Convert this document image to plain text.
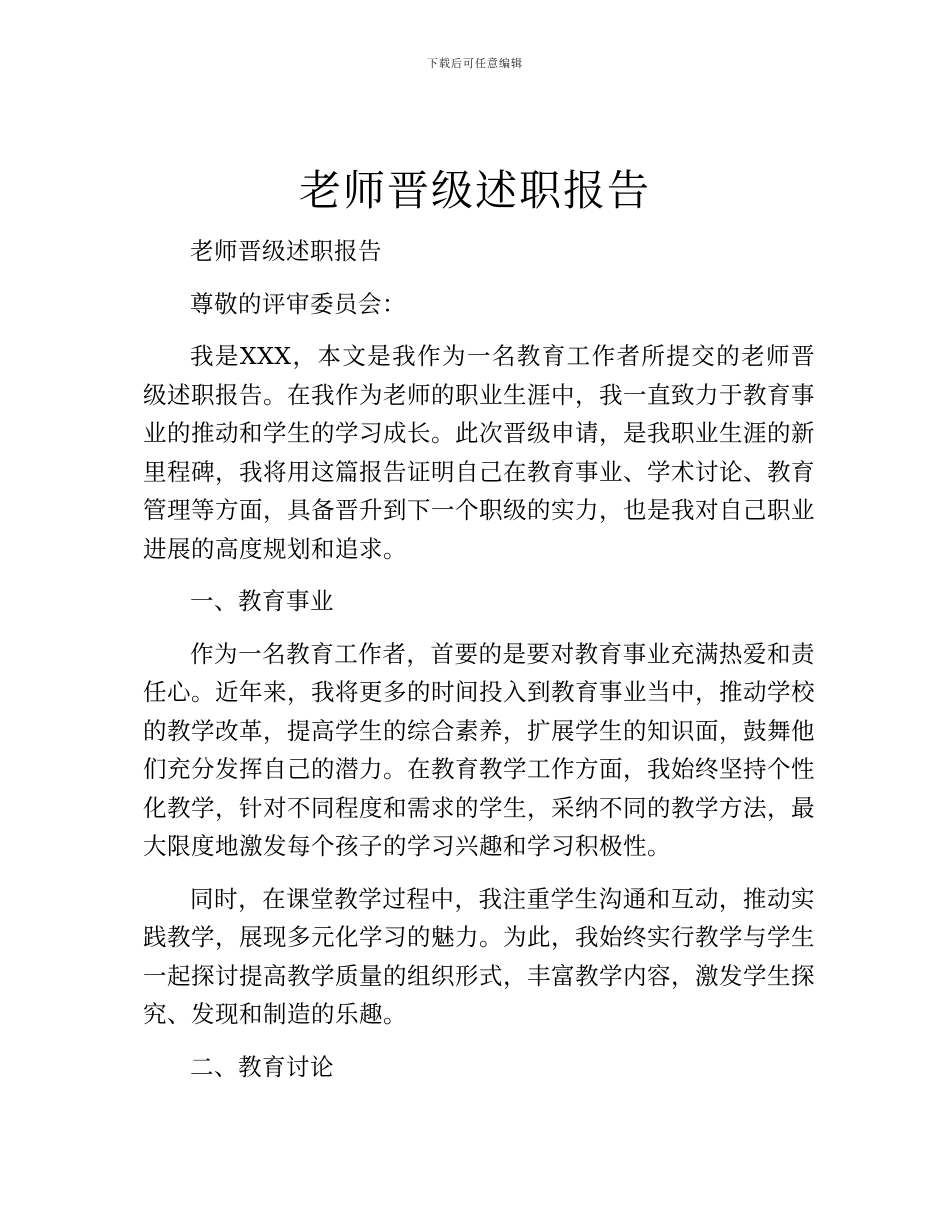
下载后可任意编辑
老师晋级述职报告

老师晋级述职报告

尊敬的评审委员会：

我是XXX，本文是我作为一名教育工作者所提交的老师晋级述职报告。在我作为老师的职业生涯中，我一直致力于教育事业的推动和学生的学习成长。此次晋级申请，是我职业生涯的新里程碑，我将用这篇报告证明自己在教育事业、学术讨论、教育管理等方面，具备晋升到下一个职级的实力，也是我对自己职业进展的高度规划和追求。

一、教育事业

作为一名教育工作者，首要的是要对教育事业充满热爱和责任心。近年来，我将更多的时间投入到教育事业当中，推动学校的教学改革，提高学生的综合素养，扩展学生的知识面，鼓舞他们充分发挥自己的潜力。在教育教学工作方面，我始终坚持个性化教学，针对不同程度和需求的学生，采纳不同的教学方法，最大限度地激发每个孩子的学习兴趣和学习积极性。

同时，在课堂教学过程中，我注重学生沟通和互动，推动实践教学，展现多元化学习的魅力。为此，我始终实行教学与学生一起探讨提高教学质量的组织形式，丰富教学内容，激发学生探究、发现和制造的乐趣。

二、教育讨论
